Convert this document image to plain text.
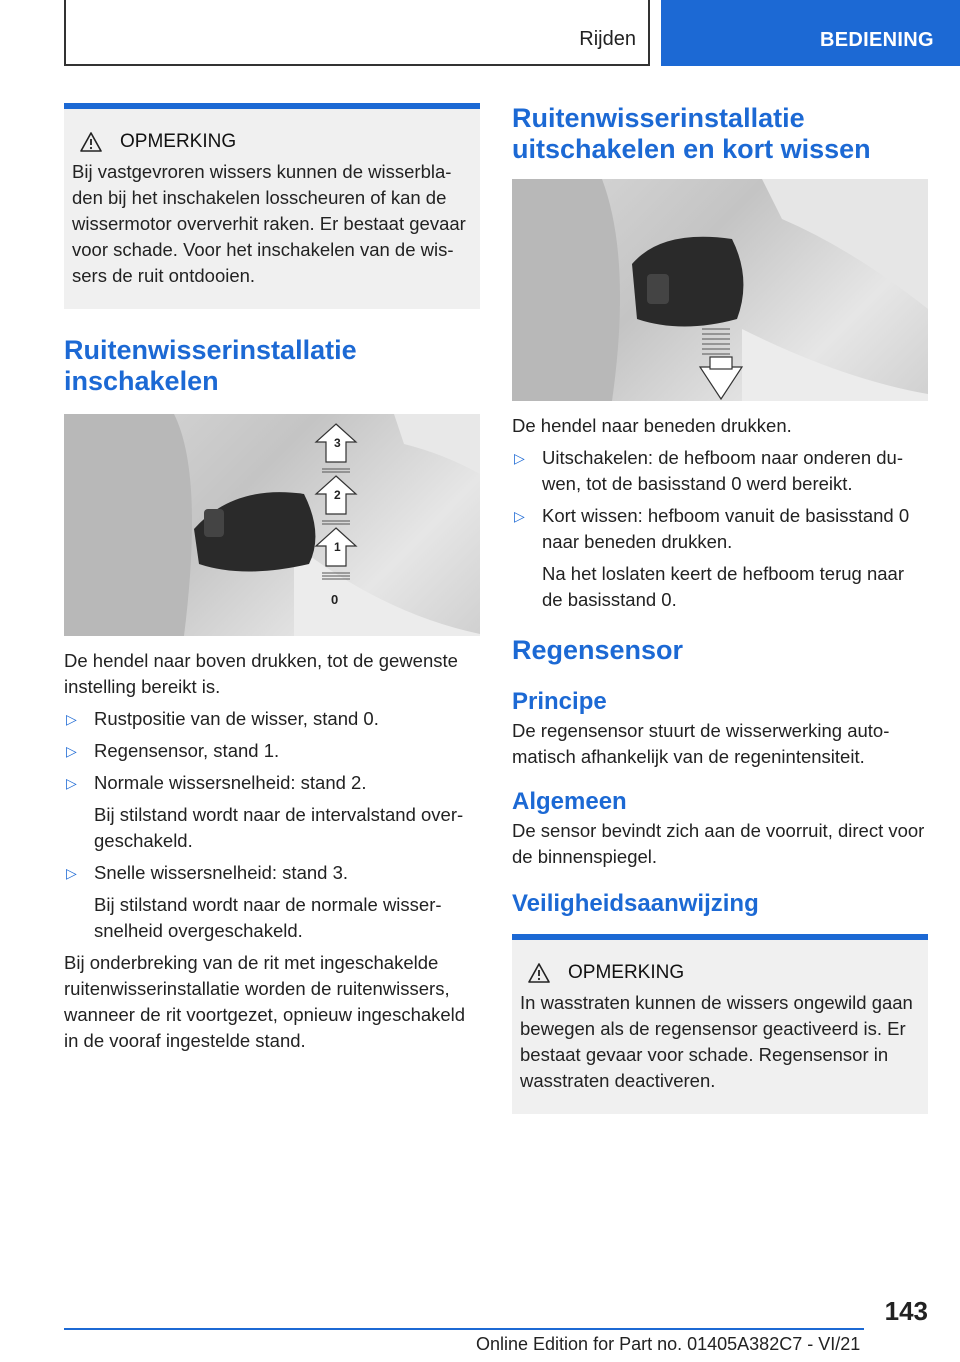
Rijden	BEDIENING
OPMERKING

Bij vastgevroren wissers kunnen de wisserbla-den bij het inschakelen losscheuren of kan de wissermotor oververhit raken. Er bestaat gevaar voor schade. Voor het inschakelen van de wis-sers de ruit ontdooien.

Ruitenwisserinstallatie
inschakelen
3
2
1
0

De hendel naar boven drukken, tot de gewenste instelling bereikt is.

▷ Rustpositie van de wisser, stand 0.
▷ Regensensor, stand 1.
▷ Normale wissersnelheid: stand 2.
Bij stilstand wordt naar de intervalstand over-geschakeld.
▷ Snelle wissersnelheid: stand 3.
Bij stilstand wordt naar de normale wisser-snelheid overgeschakeld.

Bij onderbreking van de rit met ingeschakelde ruitenwisserinstallatie worden de ruitenwissers, wanneer de rit voortgezet, opnieuw ingeschakeld in de vooraf ingestelde stand.

Ruitenwisserinstallatie
uitschakelen en kort wissen

De hendel naar beneden drukken.

▷ Uitschakelen: de hefboom naar onderen du-wen, tot de basisstand 0 werd bereikt.
▷ Kort wissen: hefboom vanuit de basisstand 0 naar beneden drukken.
Na het loslaten keert de hefboom terug naar de basisstand 0.
Regensensor
Principe

De regensensor stuurt de wisserwerking auto-matisch afhankelijk van de regenintensiteit.

Algemeen

De sensor bevindt zich aan de voorruit, direct voor de binnenspiegel.

Veiligheidsaanwijzing
OPMERKING

In wasstraten kunnen de wissers ongewild gaan bewegen als de regensensor geactiveerd is. Er bestaat gevaar voor schade. Regensensor in wasstraten deactiveren.

143
Online Edition for Part no. 01405A382C7 - VI/21
